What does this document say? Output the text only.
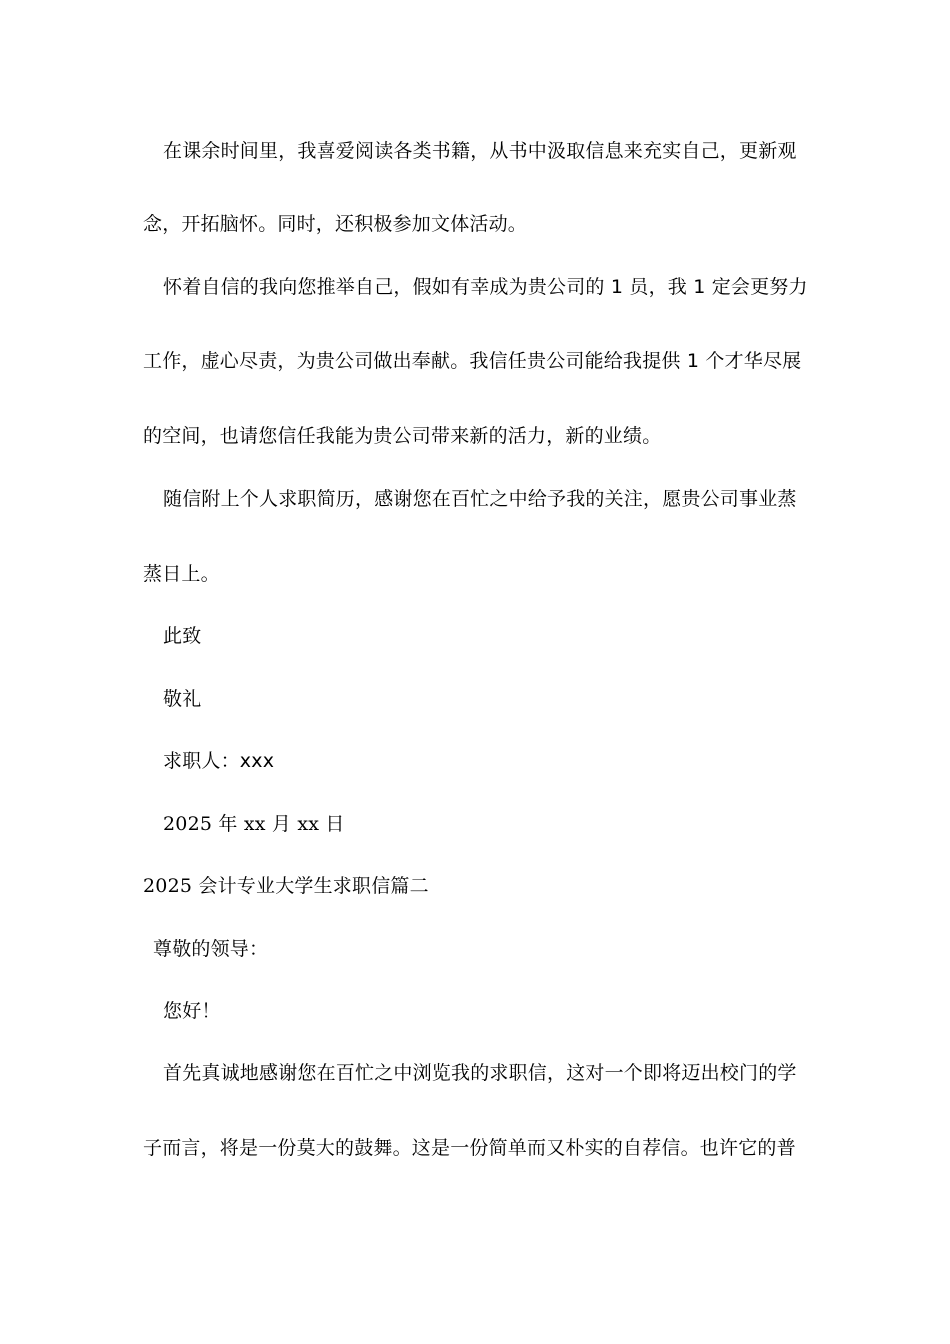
在课余时间里，我喜爱阅读各类书籍，从书中汲取信息来充实自己，更新观
念，开拓脑怀。同时，还积极参加文体活动。
怀着自信的我向您推举自己，假如有幸成为贵公司的 1 员，我 1 定会更努力
工作，虚心尽责，为贵公司做出奉献。我信任贵公司能给我提供 1 个才华尽展
的空间，也请您信任我能为贵公司带来新的活力，新的业绩。
随信附上个人求职简历，感谢您在百忙之中给予我的关注，愿贵公司事业蒸
蒸日上。
此致
敬礼
求职人：xxx
2025 年 xx 月 xx 日
2025 会计专业大学生求职信篇二
尊敬的领导：
您好！
首先真诚地感谢您在百忙之中浏览我的求职信，这对一个即将迈出校门的学
子而言，将是一份莫大的鼓舞。这是一份简单而又朴实的自荐信。也许它的普
